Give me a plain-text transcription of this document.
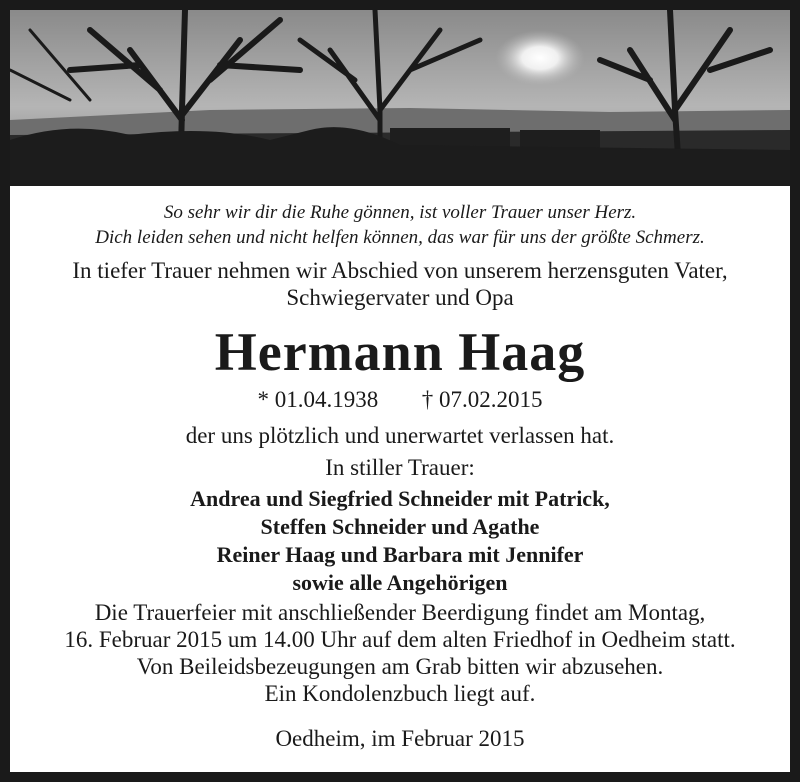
So sehr wir dir die Ruhe gönnen, ist voller Trauer unser Herz.
Dich leiden sehen und nicht helfen können, das war für uns der größte Schmerz.
In tiefer Trauer nehmen wir Abschied von unserem herzensguten Vater,
Schwiegervater und Opa
Hermann Haag
* 01.04.1938 † 07.02.2015
der uns plötzlich und unerwartet verlassen hat.
In stiller Trauer:
Andrea und Siegfried Schneider mit Patrick,
Steffen Schneider und Agathe
Reiner Haag und Barbara mit Jennifer
sowie alle Angehörigen
Die Trauerfeier mit anschließender Beerdigung findet am Montag,
16. Februar 2015 um 14.00 Uhr auf dem alten Friedhof in Oedheim statt.
Von Beileidsbezeugungen am Grab bitten wir abzusehen.
Ein Kondolenzbuch liegt auf.
Oedheim, im Februar 2015
